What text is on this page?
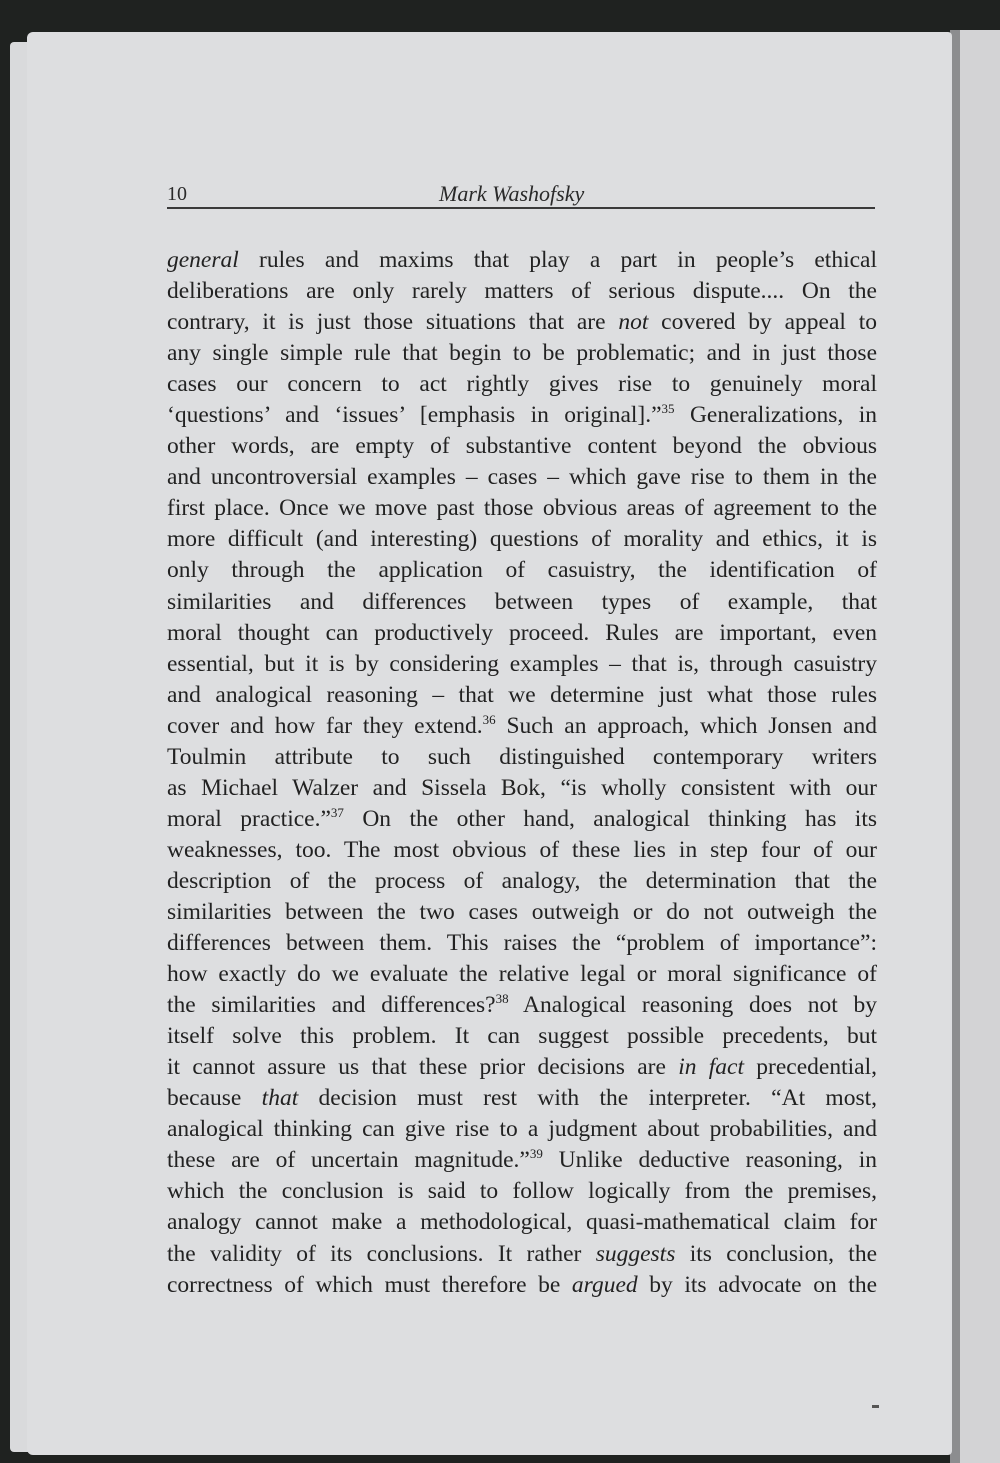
10	Mark Washofsky
general rules and maxims that play a part in people’s ethical
deliberations are only rarely matters of serious dispute.... On the
contrary, it is just those situations that are not covered by appeal to
any single simple rule that begin to be problematic; and in just those
cases our concern to act rightly gives rise to genuinely moral
‘questions’ and ‘issues’ [emphasis in original].”$^{35}$ Generalizations, in
other words, are empty of substantive content beyond the obvious
and uncontroversial examples – cases – which gave rise to them in the
first place. Once we move past those obvious areas of agreement to the
more difficult (and interesting) questions of morality and ethics, it is
only through the application of casuistry, the identification of
similarities and differences between types of example, that
moral thought can productively proceed. Rules are important, even
essential, but it is by considering examples – that is, through casuistry
and analogical reasoning – that we determine just what those rules
cover and how far they extend.$^{36}$ Such an approach, which Jonsen and
Toulmin attribute to such distinguished contemporary writers
as Michael Walzer and Sissela Bok, “is wholly consistent with our
moral practice.”$^{37}$ On the other hand, analogical thinking has its
weaknesses, too. The most obvious of these lies in step four of our
description of the process of analogy, the determination that the
similarities between the two cases outweigh or do not outweigh the
differences between them. This raises the “problem of importance”:
how exactly do we evaluate the relative legal or moral significance of
the similarities and differences?$^{38}$ Analogical reasoning does not by
itself solve this problem. It can suggest possible precedents, but
it cannot assure us that these prior decisions are in fact precedential,
because that decision must rest with the interpreter. “At most,
analogical thinking can give rise to a judgment about probabilities, and
these are of uncertain magnitude.”$^{39}$ Unlike deductive reasoning, in
which the conclusion is said to follow logically from the premises,
analogy cannot make a methodological, quasi-mathematical claim for
the validity of its conclusions. It rather suggests its conclusion, the
correctness of which must therefore be argued by its advocate on the
